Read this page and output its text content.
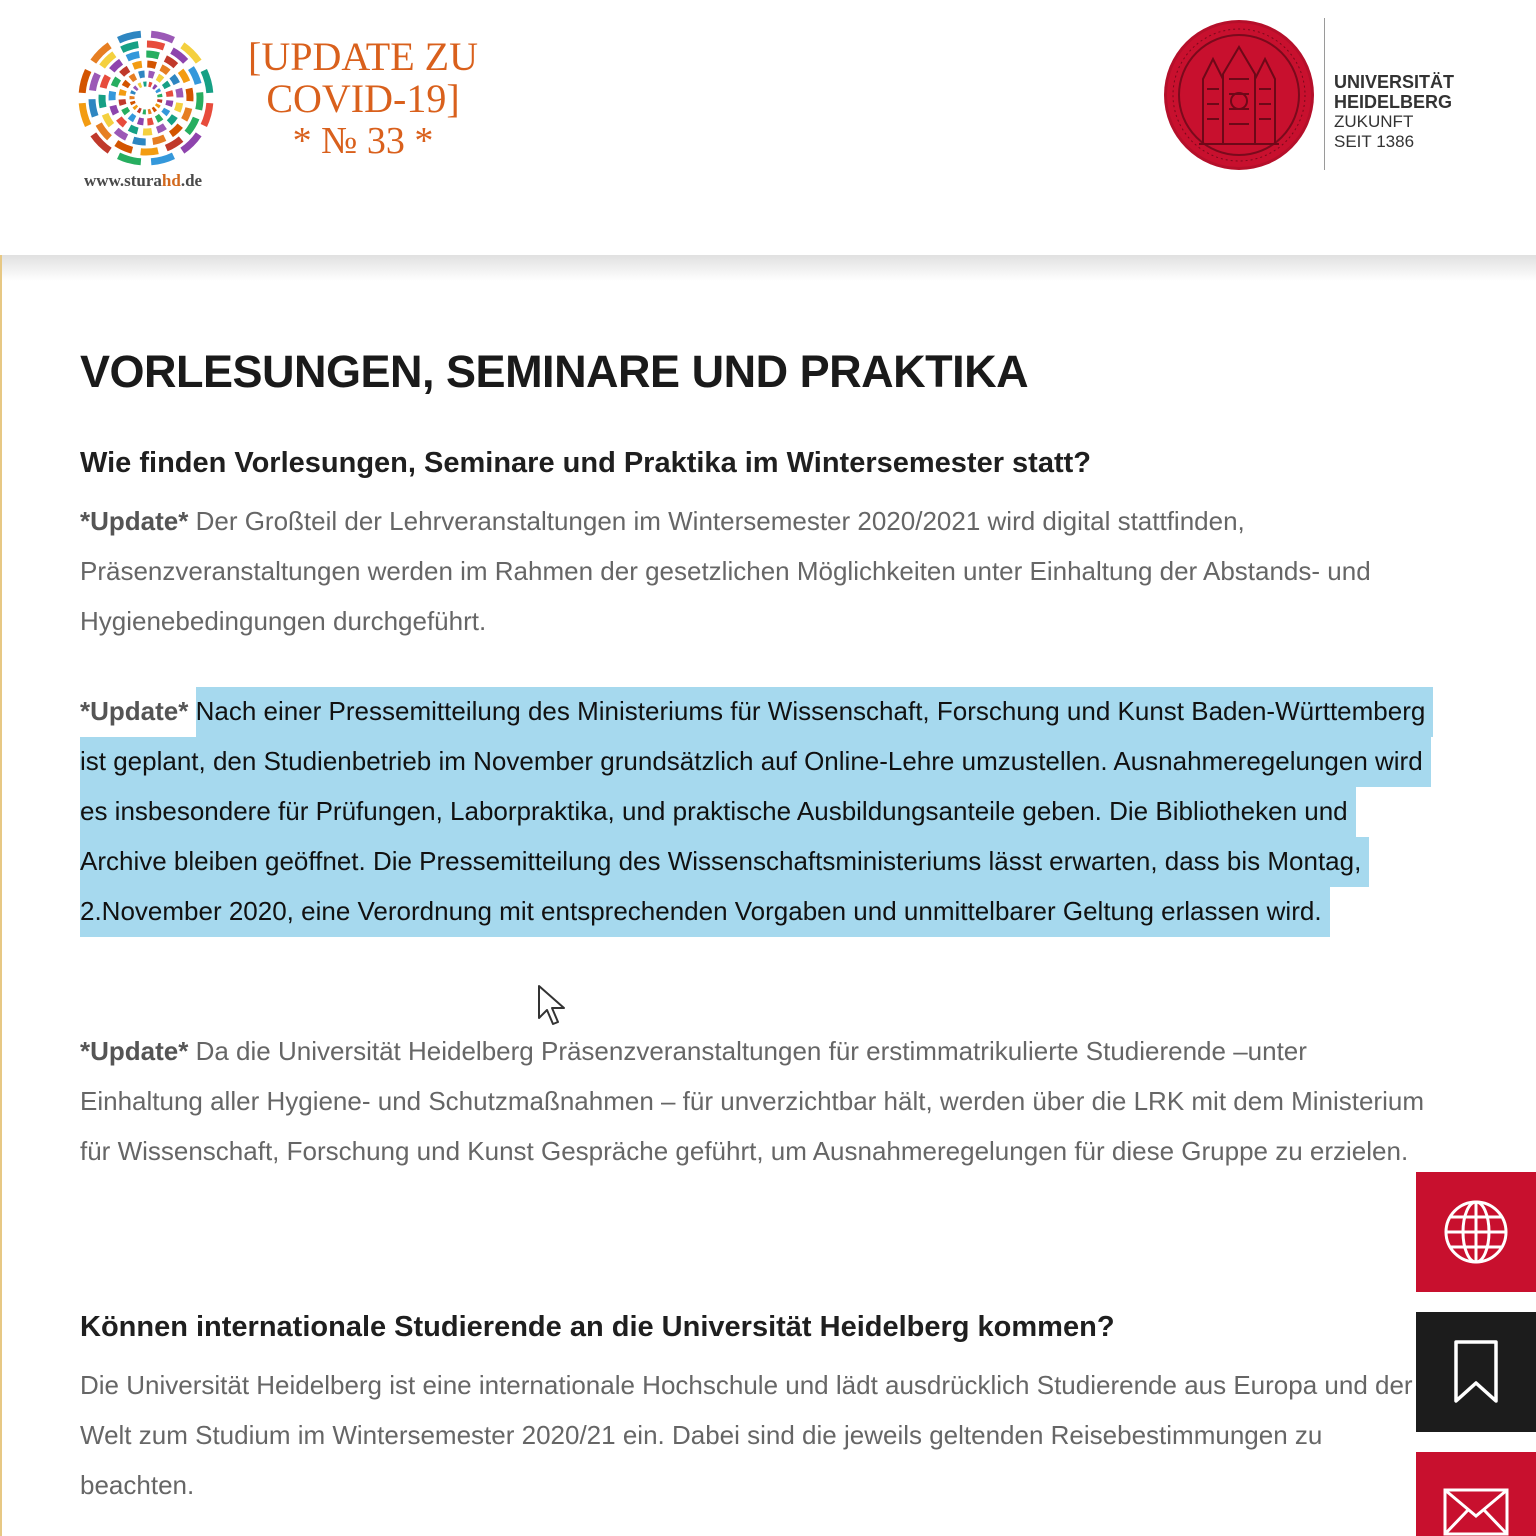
www.sturahd.de
[UPDATE ZU
COVID-19]
* № 33 *
UNIVERSITÄT
HEIDELBERG
ZUKUNFT
SEIT 1386
VORLESUNGEN, SEMINARE UND PRAKTIKA
Wie finden Vorlesungen, Seminare und Praktika im Wintersemester statt?

*Update* Der Großteil der Lehrveranstaltungen im Wintersemester 2020/2021 wird digital stattfinden, Präsenzveranstaltungen werden im Rahmen der gesetzlichen Möglichkeiten unter Einhaltung der Abstands- und Hygienebedingungen durchgeführt.

*Update* Nach einer Pressemitteilung des Ministeriums für Wissenschaft, Forschung und Kunst Baden-Württemberg ist geplant, den Studienbetrieb im November grundsätzlich auf Online-Lehre umzustellen. Ausnahmeregelungen wird es insbesondere für Prüfungen, Laborpraktika, und praktische Ausbildungsanteile geben. Die Bibliotheken und Archive bleiben geöffnet. Die Pressemitteilung des Wissenschaftsministeriums lässt erwarten, dass bis Montag, 2.November 2020, eine Verordnung mit entsprechenden Vorgaben und unmittelbarer Geltung erlassen wird.

*Update* Da die Universität Heidelberg Präsenzveranstaltungen für erstimmatrikulierte Studierende –unter Einhaltung aller Hygiene- und Schutzmaßnahmen – für unverzichtbar hält, werden über die LRK mit dem Ministerium für Wissenschaft, Forschung und Kunst Gespräche geführt, um Ausnahmeregelungen für diese Gruppe zu erzielen.

Können internationale Studierende an die Universität Heidelberg kommen?

Die Universität Heidelberg ist eine internationale Hochschule und lädt ausdrücklich Studierende aus Europa und der Welt zum Studium im Wintersemester 2020/21 ein. Dabei sind die jeweils geltenden Reisebestimmungen zu beachten.
